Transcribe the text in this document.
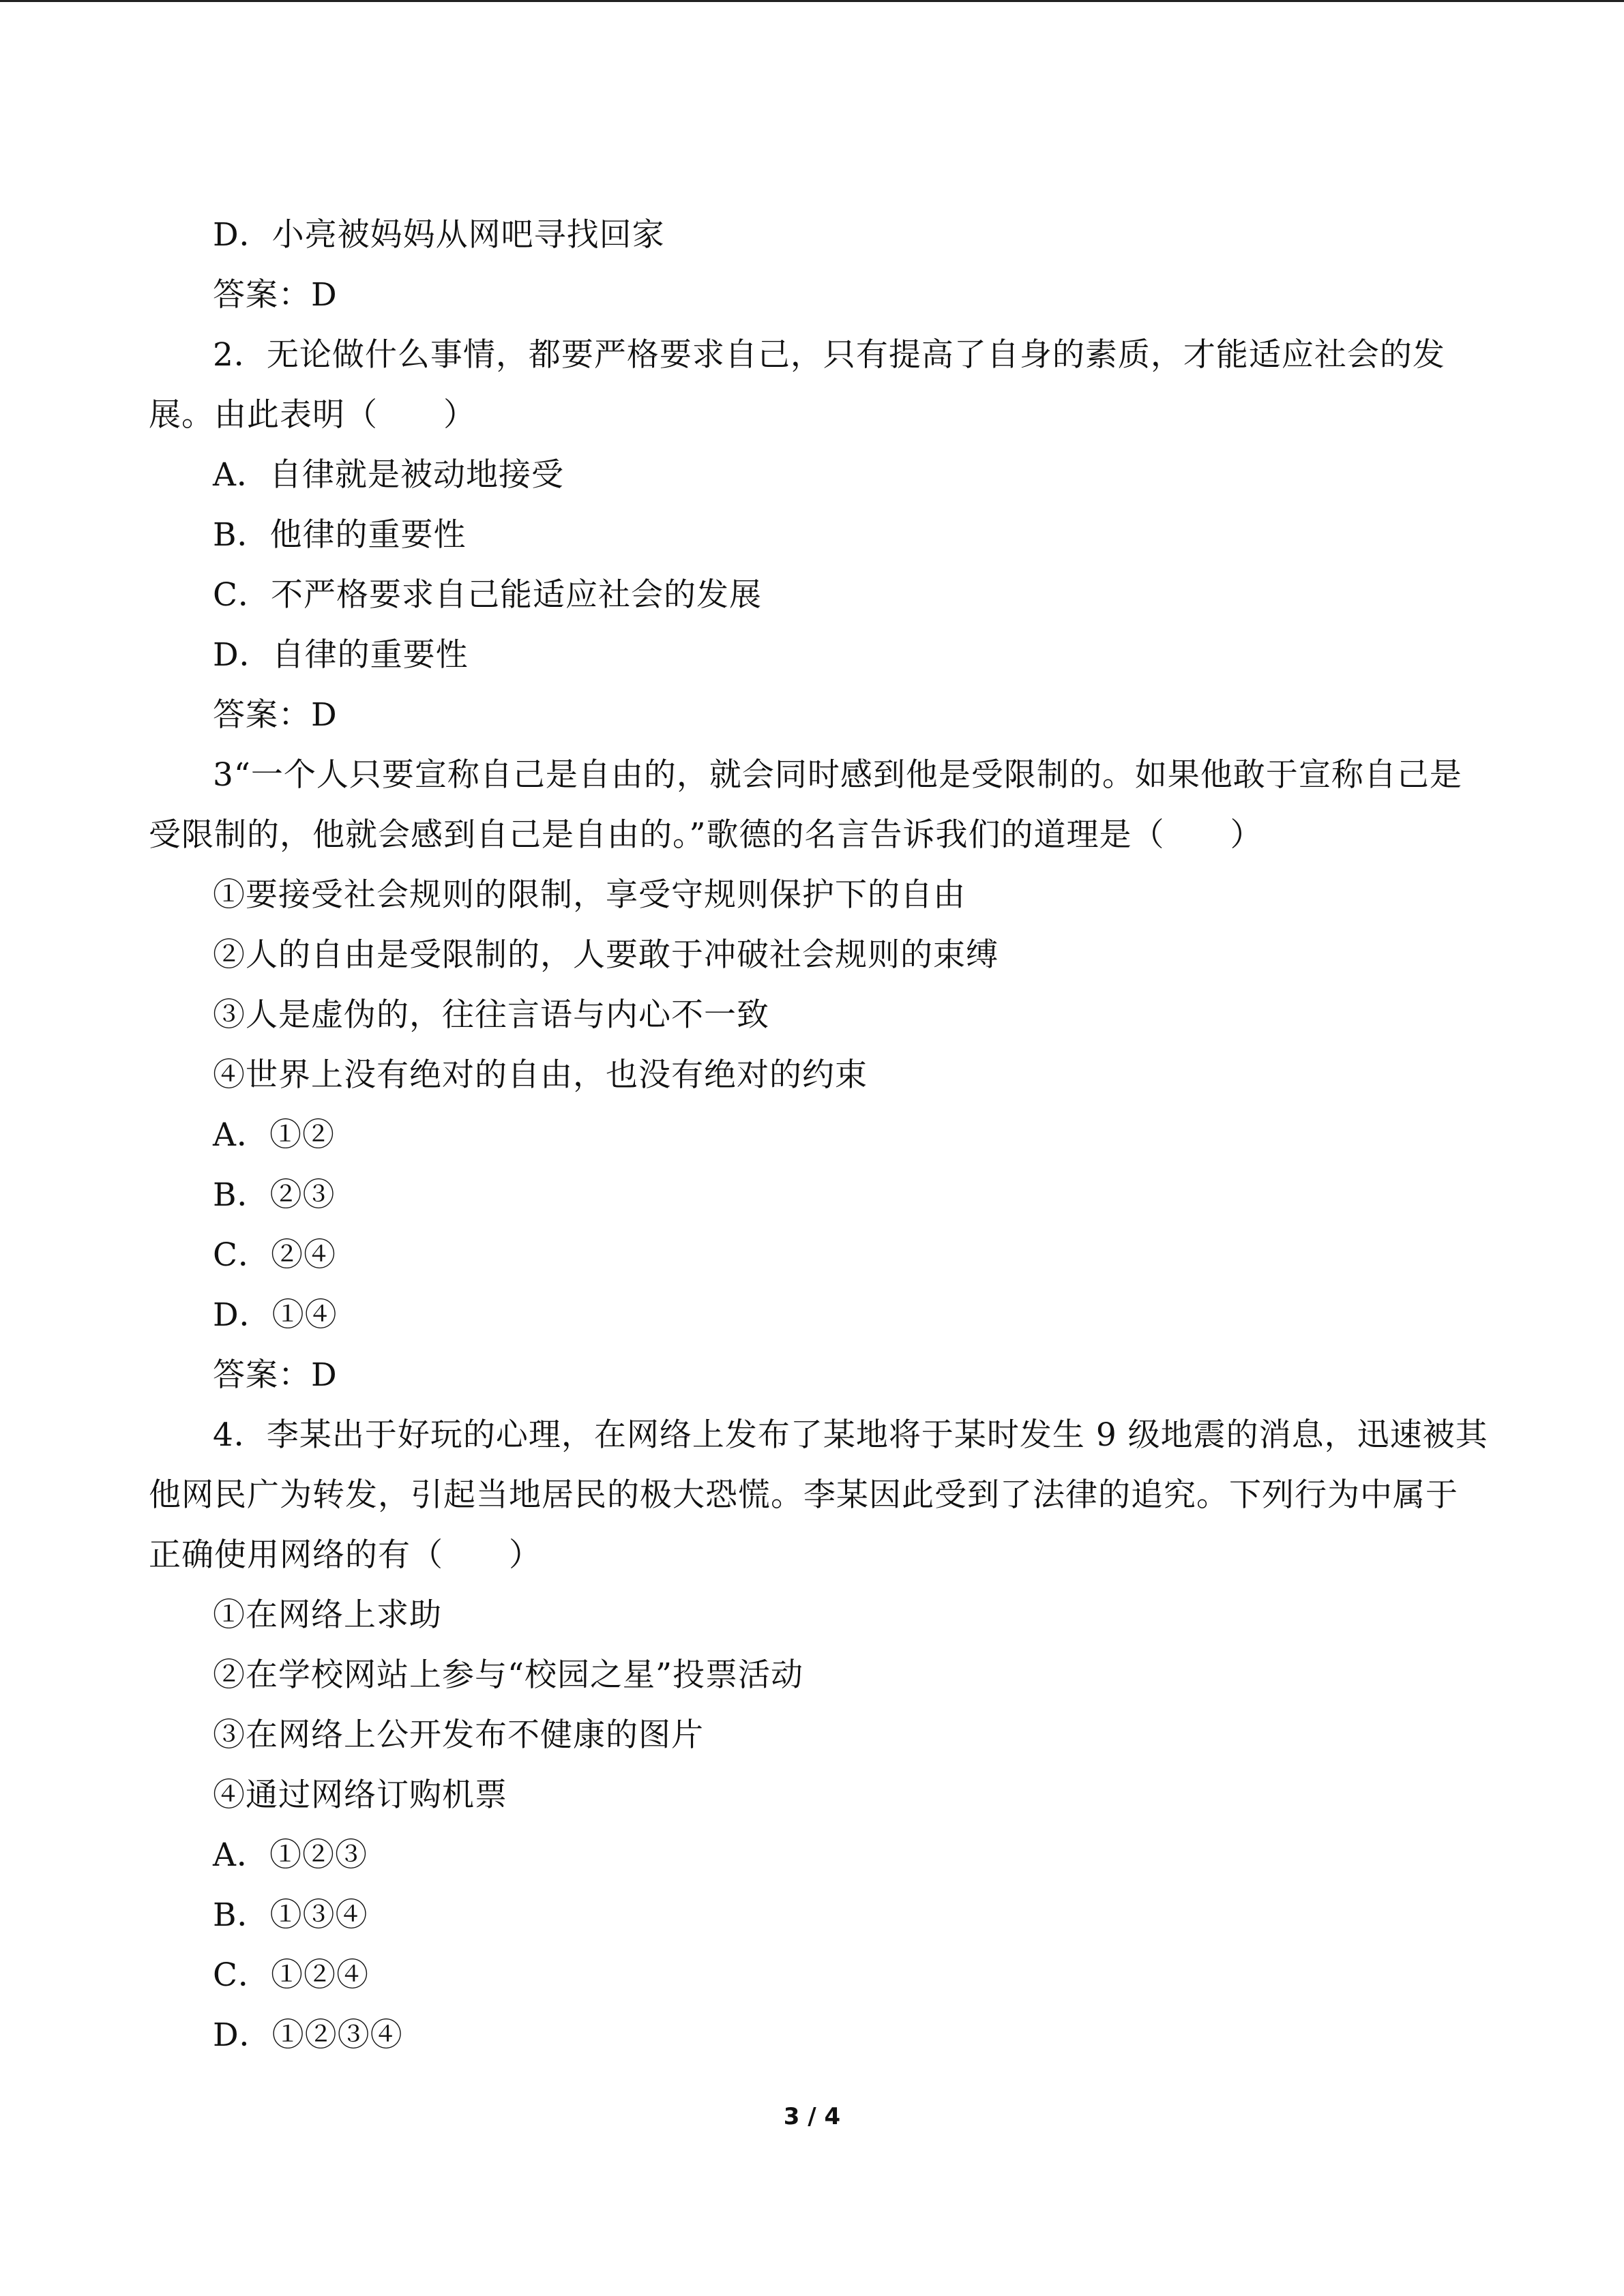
D．小亮被妈妈从网吧寻找回家
答案：D
2．无论做什么事情，都要严格要求自己，只有提高了自身的素质，才能适应社会的发
展。由此表明（　　）
A．自律就是被动地接受
B．他律的重要性
C．不严格要求自己能适应社会的发展
D．自律的重要性
答案：D
3“一个人只要宣称自己是自由的，就会同时感到他是受限制的。如果他敢于宣称自己是
受限制的，他就会感到自己是自由的。”歌德的名言告诉我们的道理是（　　）
①要接受社会规则的限制，享受守规则保护下的自由
②人的自由是受限制的，人要敢于冲破社会规则的束缚
③人是虚伪的，往往言语与内心不一致
④世界上没有绝对的自由，也没有绝对的约束
A．①②
B．②③
C．②④
D．①④
答案：D
4．李某出于好玩的心理，在网络上发布了某地将于某时发生 9 级地震的消息，迅速被其
他网民广为转发，引起当地居民的极大恐慌。李某因此受到了法律的追究。下列行为中属于
正确使用网络的有（　　）
①在网络上求助
②在学校网站上参与“校园之星”投票活动
③在网络上公开发布不健康的图片
④通过网络订购机票
A．①②③
B．①③④
C．①②④
D．①②③④
3 / 4
